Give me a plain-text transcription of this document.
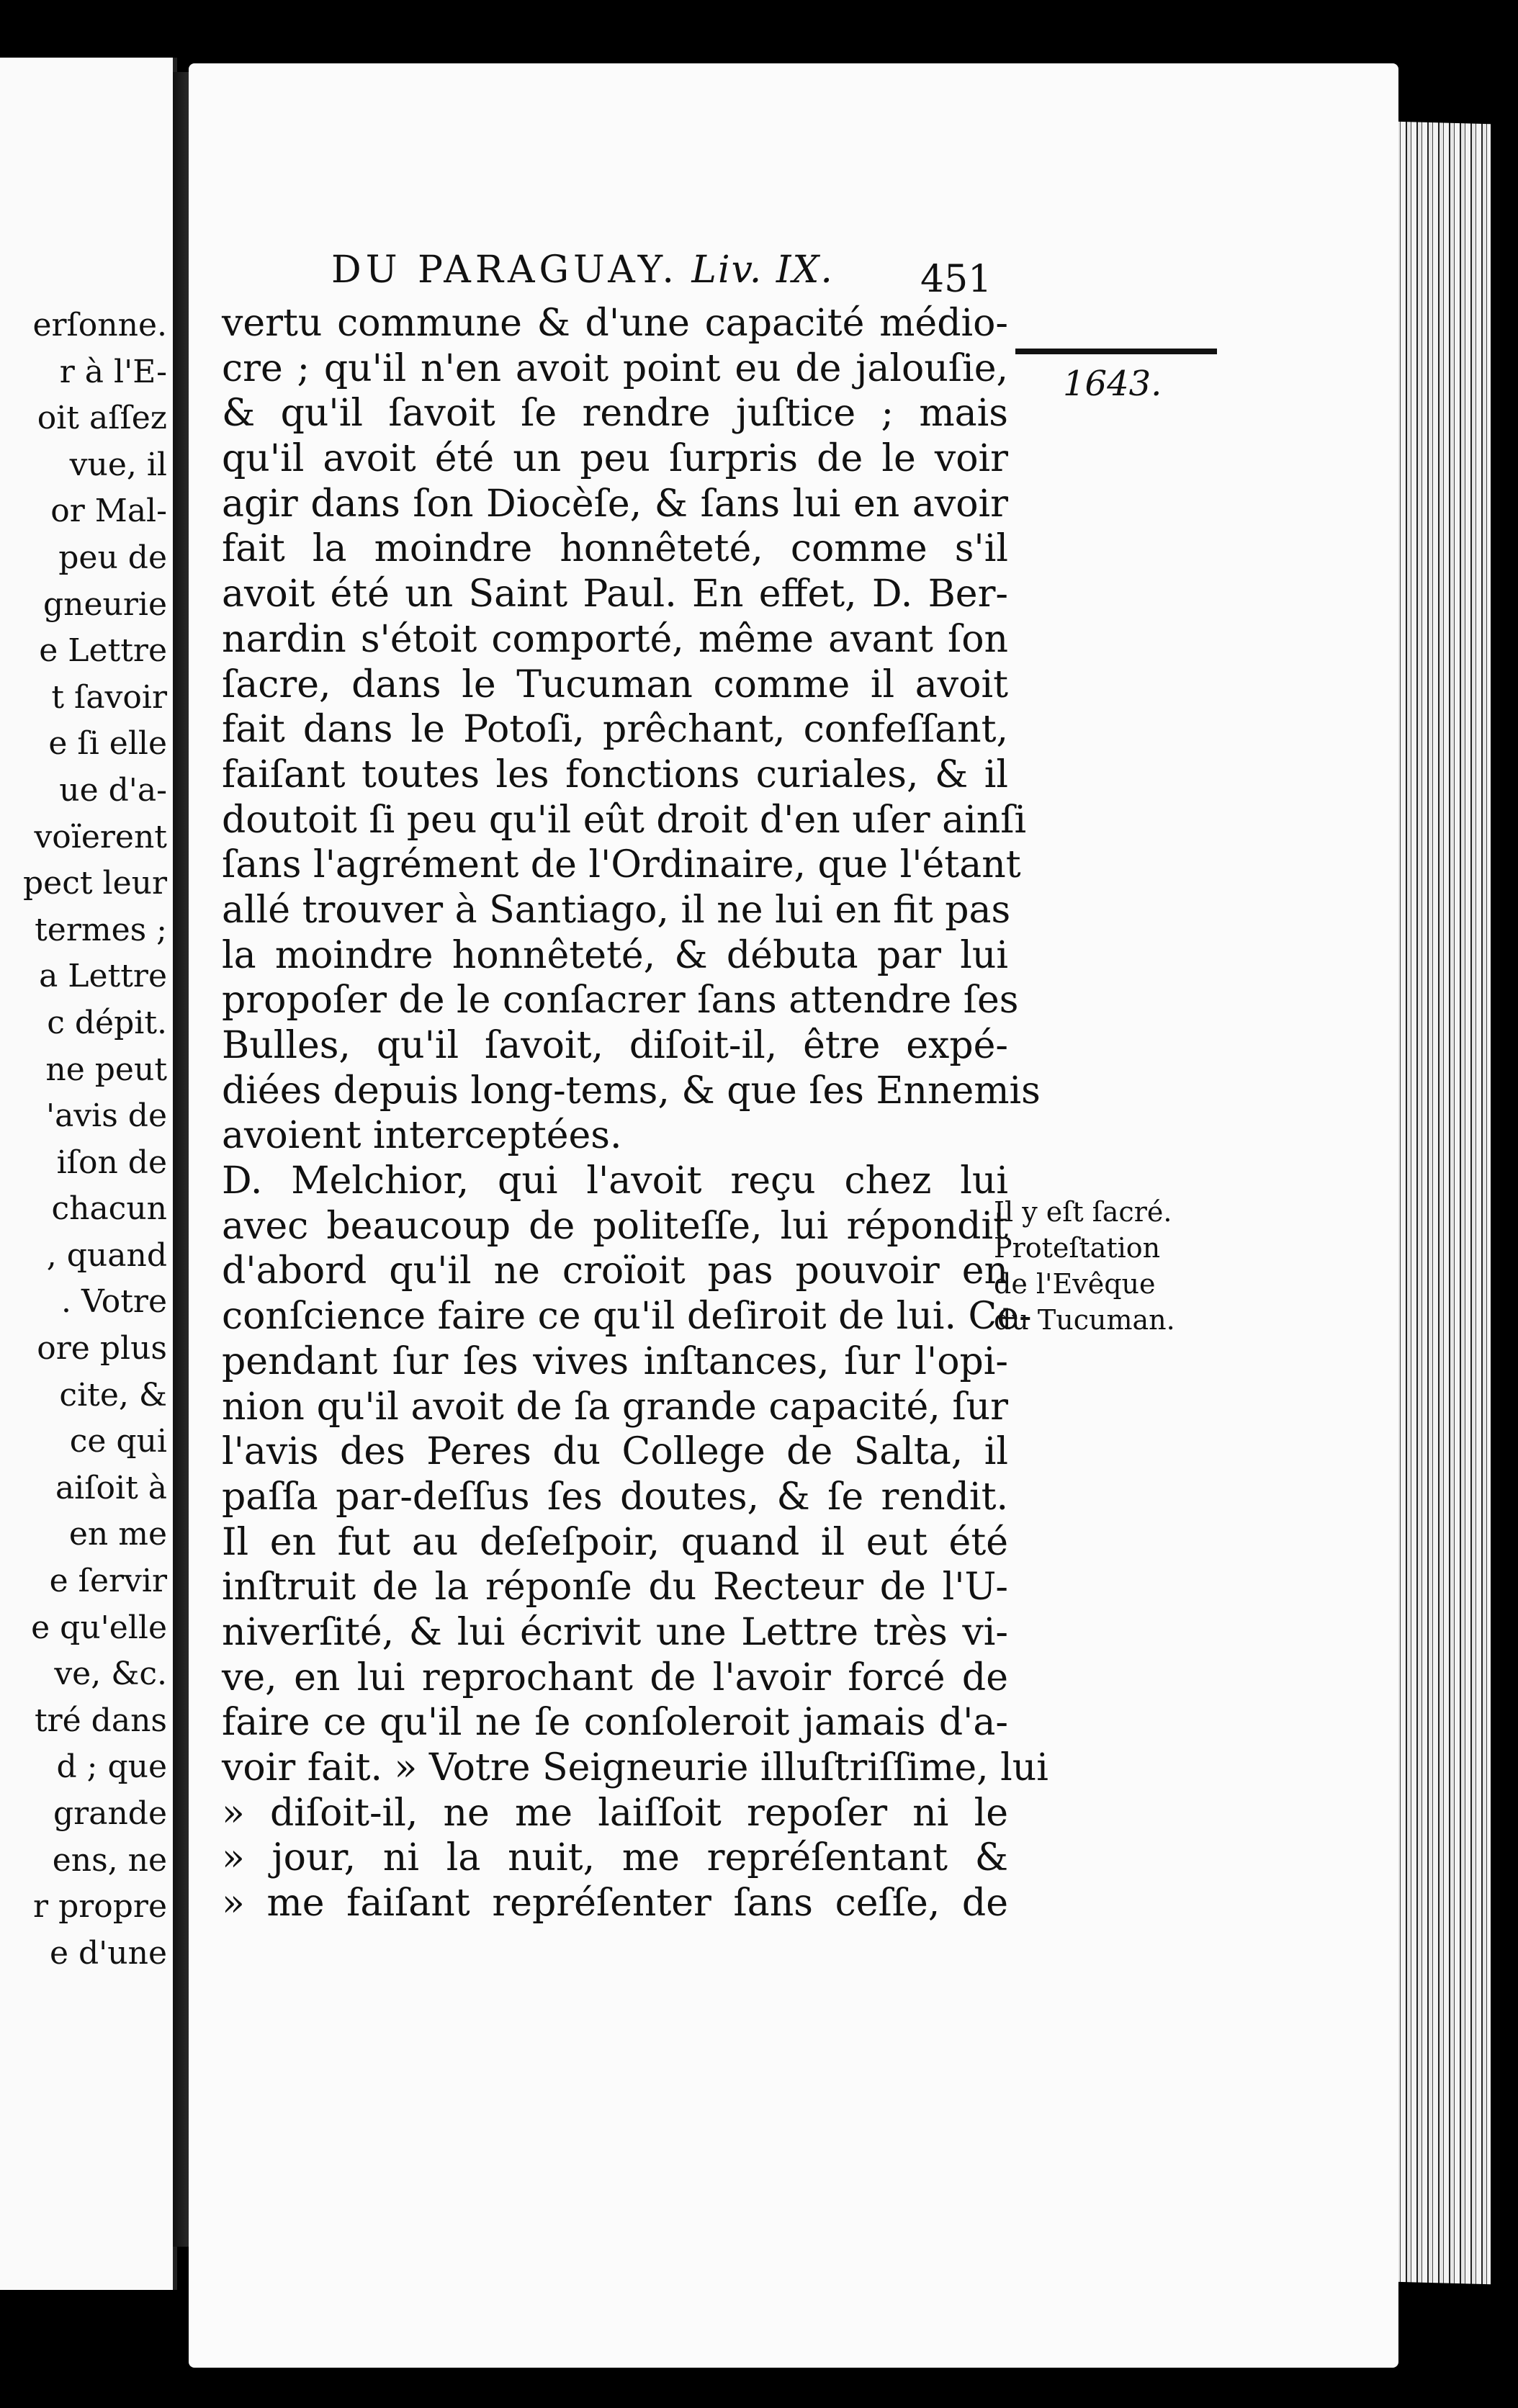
erſonne.
r à l'E-
oit aſſez
vue, il
or Mal-
peu de
gneurie
e Lettre
t ſavoir
e ſi elle
ue d'a-
voïerent
pect leur
termes ;
a Lettre
c dépit.
ne peut
'avis de
iſon de
chacun
, quand
. Votre
ore plus
cite, &
ce qui
aiſoit à
en me
e ſervir
e qu'elle
ve, &c.
tré dans
d ; que
grande
ens, ne
r propre
e d'une
DU PARAGUAY. Liv. IX. 451
1643.
vertu commune & d'une capacité médio-
cre ; qu'il n'en avoit point eu de jalouſie,
& qu'il ſavoit ſe rendre juſtice ; mais
qu'il avoit été un peu ſurpris de le voir
agir dans ſon Diocèſe, & ſans lui en avoir
fait la moindre honnêteté, comme s'il
avoit été un Saint Paul. En effet, D. Ber-
nardin s'étoit comporté, même avant ſon
ſacre, dans le Tucuman comme il avoit
fait dans le Potoſi, prêchant, confeſſant,
faiſant toutes les fonctions curiales, & il
doutoit ſi peu qu'il eût droit d'en uſer ainſi
ſans l'agrément de l'Ordinaire, que l'étant
allé trouver à Santiago, il ne lui en fit pas
la moindre honnêteté, & débuta par lui
propoſer de le conſacrer ſans attendre ſes
Bulles, qu'il ſavoit, diſoit-il, être expé-
diées depuis long-tems, & que ſes Ennemis
avoient interceptées.
D. Melchior, qui l'avoit reçu chez lui
avec beaucoup de politeſſe, lui répondit
d'abord qu'il ne croïoit pas pouvoir en
conſcience faire ce qu'il deſiroit de lui. Ce-
pendant ſur ſes vives inſtances, ſur l'opi-
nion qu'il avoit de ſa grande capacité, ſur
l'avis des Peres du College de Salta, il
paſſa par-deſſus ſes doutes, & ſe rendit.
Il en fut au deſeſpoir, quand il eut été
inſtruit de la réponſe du Recteur de l'U-
niverſité, & lui écrivit une Lettre très vi-
ve, en lui reprochant de l'avoir forcé de
faire ce qu'il ne ſe conſoleroit jamais d'a-
voir fait. » Votre Seigneurie illuſtriſſime, lui
» diſoit-il, ne me laiſſoit repoſer ni le
» jour, ni la nuit, me repréſentant &
» me faiſant repréſenter ſans ceſſe, de
Il y eſt ſacré.
Proteſtation
de l'Evêque
du Tucuman.
